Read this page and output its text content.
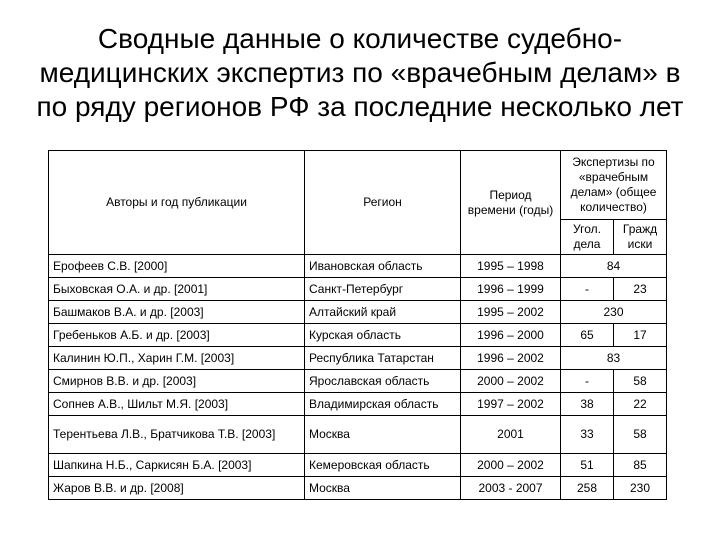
Сводные данные о количестве судебно-
медицинских экспертиз по «врачебным делам» в
по ряду регионов РФ за последние несколько лет
Авторы и год публикации	Регион	Период времени (годы)	Экспертизы по «врачебным делам» (общее количество)	
			Угол. дела	Гражд иски
Ерофеев С.В. [2000]	Ивановская область	1995 – 1998	84	
Быховская О.А. и др. [2001]	Санкт-Петербург	1996 – 1999	-	23
Башмаков В.А. и др. [2003]	Алтайский край	1995 – 2002	230	
Гребеньков А.Б. и др. [2003]	Курская область	1996 – 2000	65	17
Калинин Ю.П., Харин Г.М. [2003]	Республика Татарстан	1996 – 2002	83	
Смирнов В.В. и др. [2003]	Ярославская область	2000 – 2002	-	58
Сопнев А.В., Шильт М.Я. [2003]	Владимирская область	1997 – 2002	38	22
Терентьева Л.В., Братчикова Т.В. [2003]	Москва	2001	33	58
Шапкина Н.Б., Саркисян Б.А. [2003]	Кемеровская область	2000 – 2002	51	85
Жаров В.В. и др. [2008]	Москва	2003 - 2007	258	230
